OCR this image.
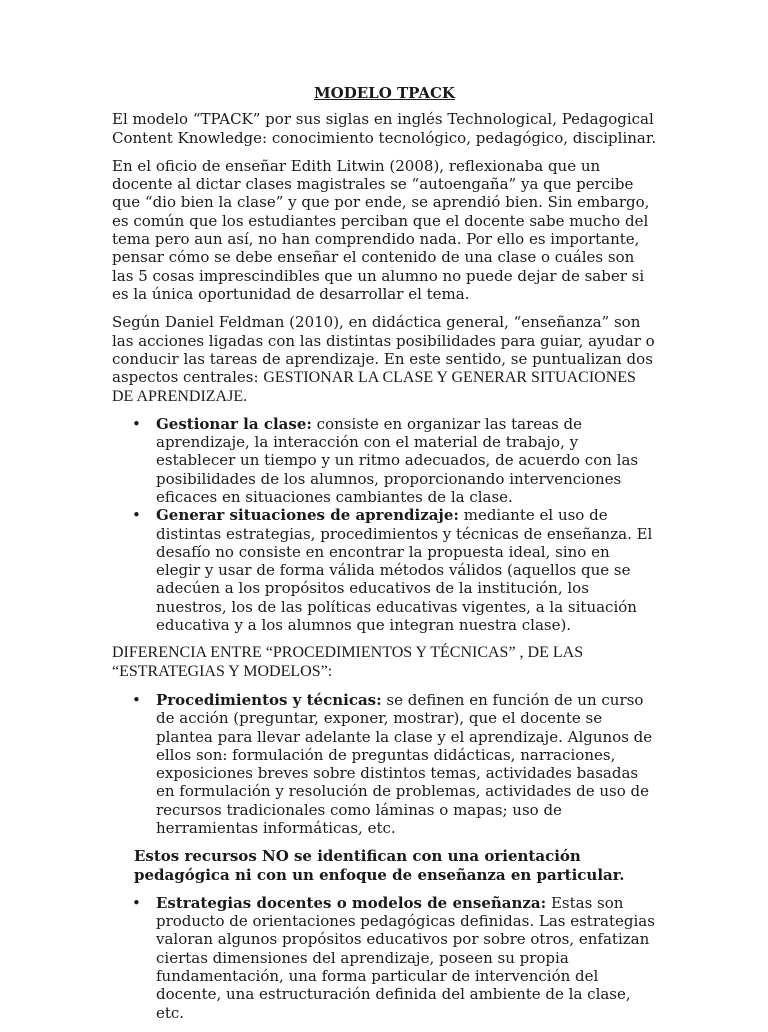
MODELO TPACK

El modelo “TPACK” por sus siglas en inglés Technological, Pedagogical Content Knowledge: conocimiento tecnológico, pedagógico, disciplinar.

En el oficio de enseñar Edith Litwin (2008), reflexionaba que un docente al dictar clases magistrales se “autoengaña” ya que percibe que “dio bien la clase” y que por ende, se aprendió bien. Sin embargo, es común que los estudiantes perciban que el docente sabe mucho del tema pero aun así, no han comprendido nada. Por ello es importante, pensar cómo se debe enseñar el contenido de una clase o cuáles son las 5 cosas imprescindibles que un alumno no puede dejar de saber si es la única oportunidad de desarrollar el tema.

Según Daniel Feldman (2010), en didáctica general, “enseñanza” son las acciones ligadas con las distintas posibilidades para guiar, ayudar o conducir las tareas de aprendizaje. En este sentido, se puntualizan dos aspectos centrales: GESTIONAR LA CLASE Y GENERAR SITUACIONES DE APRENDIZAJE.

• Gestionar la clase: consiste en organizar las tareas de aprendizaje, la interacción con el material de trabajo, y establecer un tiempo y un ritmo adecuados, de acuerdo con las posibilidades de los alumnos, proporcionando intervenciones eficaces en situaciones cambiantes de la clase.
• Generar situaciones de aprendizaje: mediante el uso de distintas estrategias, procedimientos y técnicas de enseñanza. El desafío no consiste en encontrar la propuesta ideal, sino en elegir y usar de forma válida métodos válidos (aquellos que se adecúen a los propósitos educativos de la institución, los nuestros, los de las políticas educativas vigentes, a la situación educativa y a los alumnos que integran nuestra clase).

DIFERENCIA ENTRE “PROCEDIMIENTOS Y TÉCNICAS” , DE LAS “ESTRATEGIAS Y MODELOS”:

• Procedimientos y técnicas: se definen en función de un curso de acción (preguntar, exponer, mostrar), que el docente se plantea para llevar adelante la clase y el aprendizaje. Algunos de ellos son: formulación de preguntas didácticas, narraciones, exposiciones breves sobre distintos temas, actividades basadas en formulación y resolución de problemas, actividades de uso de recursos tradicionales como láminas o mapas; uso de herramientas informáticas, etc.

Estos recursos NO se identifican con una orientación pedagógica ni con un enfoque de enseñanza en particular.

• Estrategias docentes o modelos de enseñanza: Estas son producto de orientaciones pedagógicas definidas. Las estrategias valoran algunos propósitos educativos por sobre otros, enfatizan ciertas dimensiones del aprendizaje, poseen su propia fundamentación, una forma particular de intervención del docente, una estructuración definida del ambiente de la clase, etc.
